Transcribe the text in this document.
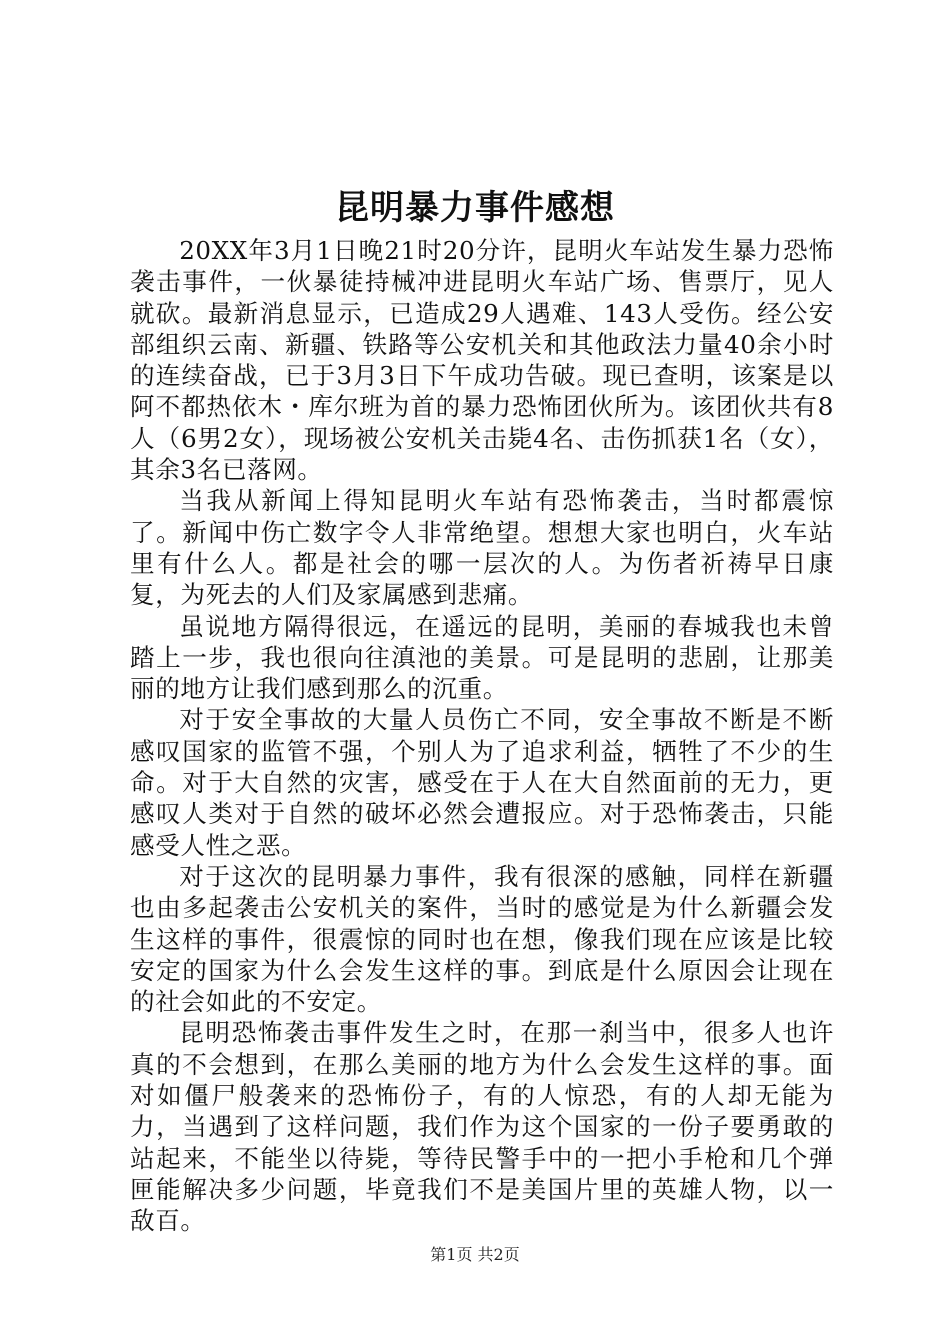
昆明暴力事件感想

20XX年3月1日晚21时20分许，昆明火车站发生暴力恐怖袭击事件，一伙暴徒持械冲进昆明火车站广场、售票厅，见人就砍。最新消息显示，已造成29人遇难、143人受伤。经公安部组织云南、新疆、铁路等公安机关和其他政法力量40余小时的连续奋战，已于3月3日下午成功告破。现已查明，该案是以阿不都热依木・库尔班为首的暴力恐怖团伙所为。该团伙共有8人（6男2女），现场被公安机关击毙4名、击伤抓获1名（女），其余3名已落网。

当我从新闻上得知昆明火车站有恐怖袭击，当时都震惊了。新闻中伤亡数字令人非常绝望。想想大家也明白，火车站里有什么人。都是社会的哪一层次的人。为伤者祈祷早日康复，为死去的人们及家属感到悲痛。

虽说地方隔得很远，在遥远的昆明，美丽的春城我也未曾踏上一步，我也很向往滇池的美景。可是昆明的悲剧，让那美丽的地方让我们感到那么的沉重。

对于安全事故的大量人员伤亡不同，安全事故不断是不断感叹国家的监管不强，个别人为了追求利益，牺牲了不少的生命。对于大自然的灾害，感受在于人在大自然面前的无力，更感叹人类对于自然的破坏必然会遭报应。对于恐怖袭击，只能感受人性之恶。

对于这次的昆明暴力事件，我有很深的感触，同样在新疆也由多起袭击公安机关的案件，当时的感觉是为什么新疆会发生这样的事件，很震惊的同时也在想，像我们现在应该是比较安定的国家为什么会发生这样的事。到底是什么原因会让现在的社会如此的不安定。

昆明恐怖袭击事件发生之时，在那一刹当中，很多人也许真的不会想到，在那么美丽的地方为什么会发生这样的事。面对如僵尸般袭来的恐怖份子，有的人惊恐，有的人却无能为力，当遇到了这样问题，我们作为这个国家的一份子要勇敢的站起来，不能坐以待毙，等待民警手中的一把小手枪和几个弹匣能解决多少问题，毕竟我们不是美国片里的英雄人物，以一敌百。

第1页 共2页
